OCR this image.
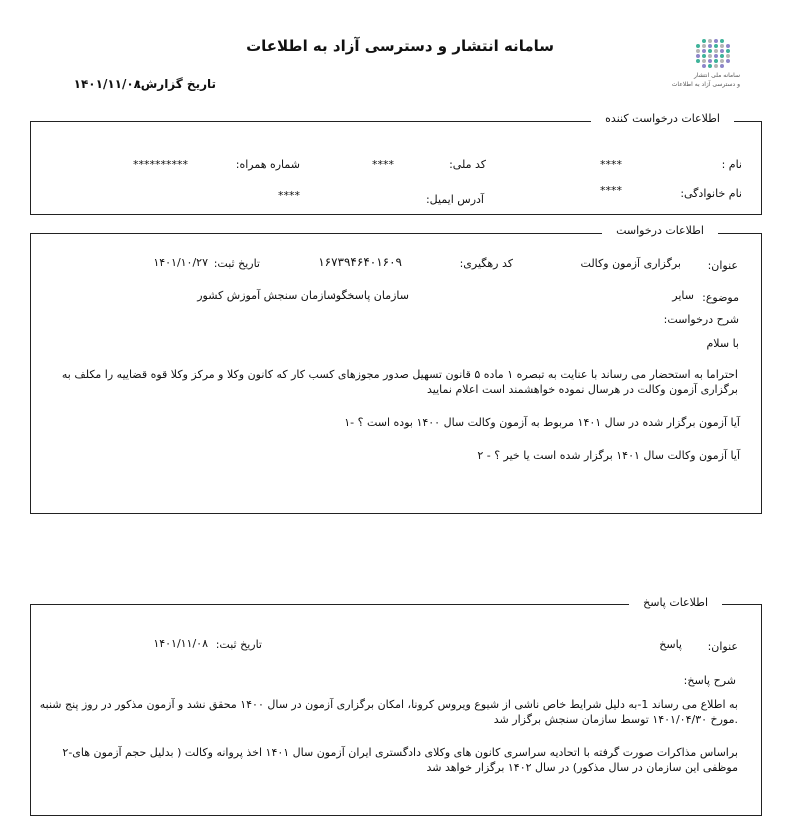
سامانه ملی انتشار
و دسترسی آزاد به اطلاعات
سامانه انتشار و دسترسی آزاد به اطلاعات
تاریخ گزارش:
۱۴۰۱/۱۱/۰۸
اطلاعات درخواست کننده
نام :
****
کد ملی:
****
شماره همراه:
**********
نام خانوادگی:
****
آدرس ایمیل:
****
اطلاعات درخواست
عنوان:
برگزاری آزمون وکالت
کد رهگیری:
۱۶۷۳۹۴۶۴۰۱۶۰۹
تاریخ ثبت:
۱۴۰۱/۱۰/۲۷
موضوع:
سایر
سازمان پاسخگو:
سازمان سنجش آموزش کشور
شرح درخواست:
با سلام
احتراما به استحضار می رساند با عنایت به تبصره ۱ ماده ۵ قانون تسهیل صدور مجوزهای کسب کار که کانون وکلا و مرکز وکلا قوه قضاییه را مکلف به برگزاری آزمون وکالت در هرسال نموده خواهشمند است اعلام نمایید
آیا آزمون برگزار شده در سال ۱۴۰۱ مربوط به آزمون وکالت سال ۱۴۰۰ بوده است ؟ -۱
آیا آزمون وکالت سال ۱۴۰۱ برگزار شده است یا خیر ؟ - ۲
اطلاعات پاسخ
عنوان:
پاسخ
تاریخ ثبت:
۱۴۰۱/۱۱/۰۸
شرح پاسخ:
به اطلاع می رساند 1-به دلیل شرایط خاص ناشی از شیوع ویروس کرونا، امکان برگزاری آزمون در سال ۱۴۰۰ محقق نشد و آزمون مذکور در روز پنج شنبه .مورخ ۱۴۰۱/۰۴/۳۰ توسط سازمان سنجش برگزار شد
براساس مذاکرات صورت گرفته با اتحادیه سراسری کانون های وکلای دادگستری ایران آزمون سال ۱۴۰۱ اخذ پروانه وکالت ( بدلیل حجم آزمون های-۲ موظفی این سازمان در سال مذکور) در سال ۱۴۰۲ برگزار خواهد شد
